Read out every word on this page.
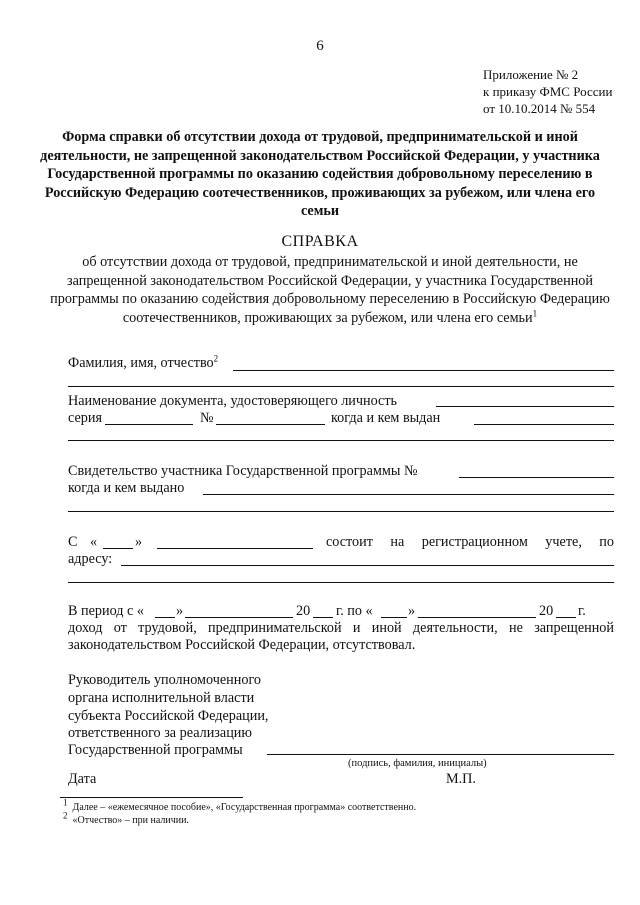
6
Приложение № 2
к приказу ФМС России
от 10.10.2014 № 554
Форма справки об отсутствии дохода от трудовой, предпринимательской и иной деятельности, не запрещенной законодательством Российской Федерации, у участника Государственной программы по оказанию содействия добровольному переселению в Российскую Федерацию соотечественников, проживающих за рубежом, или члена его семьи
СПРАВКА
об отсутствии дохода от трудовой, предпринимательской и иной деятельности, не запрещенной законодательством Российской Федерации, у участника Государственной программы по оказанию содействия добровольному переселению в Российскую Федерацию соотечественников, проживающих за рубежом, или члена его семьи$^1$
Фамилия, имя, отчество$^2$
Наименование документа, удостоверяющего личность
серия	№	когда и кем выдан
Свидетельство участника Государственной программы №
когда и кем выдано
С «	»	состоит на регистрационном учете, по
адресу:
В период с « »	20 г. по « »	20 г.
доход от трудовой, предпринимательской и иной деятельности, не запрещенной
законодательством Российской Федерации, отсутствовал.
Руководитель уполномоченного
органа исполнительной власти
субъекта Российской Федерации,
ответственного за реализацию
Государственной программы
(подпись, фамилия, инициалы)
Дата	М.П.
$^1$ Далее – «ежемесячное пособие», «Государственная программа» соответственно.
$^2$ «Отчество» – при наличии.
